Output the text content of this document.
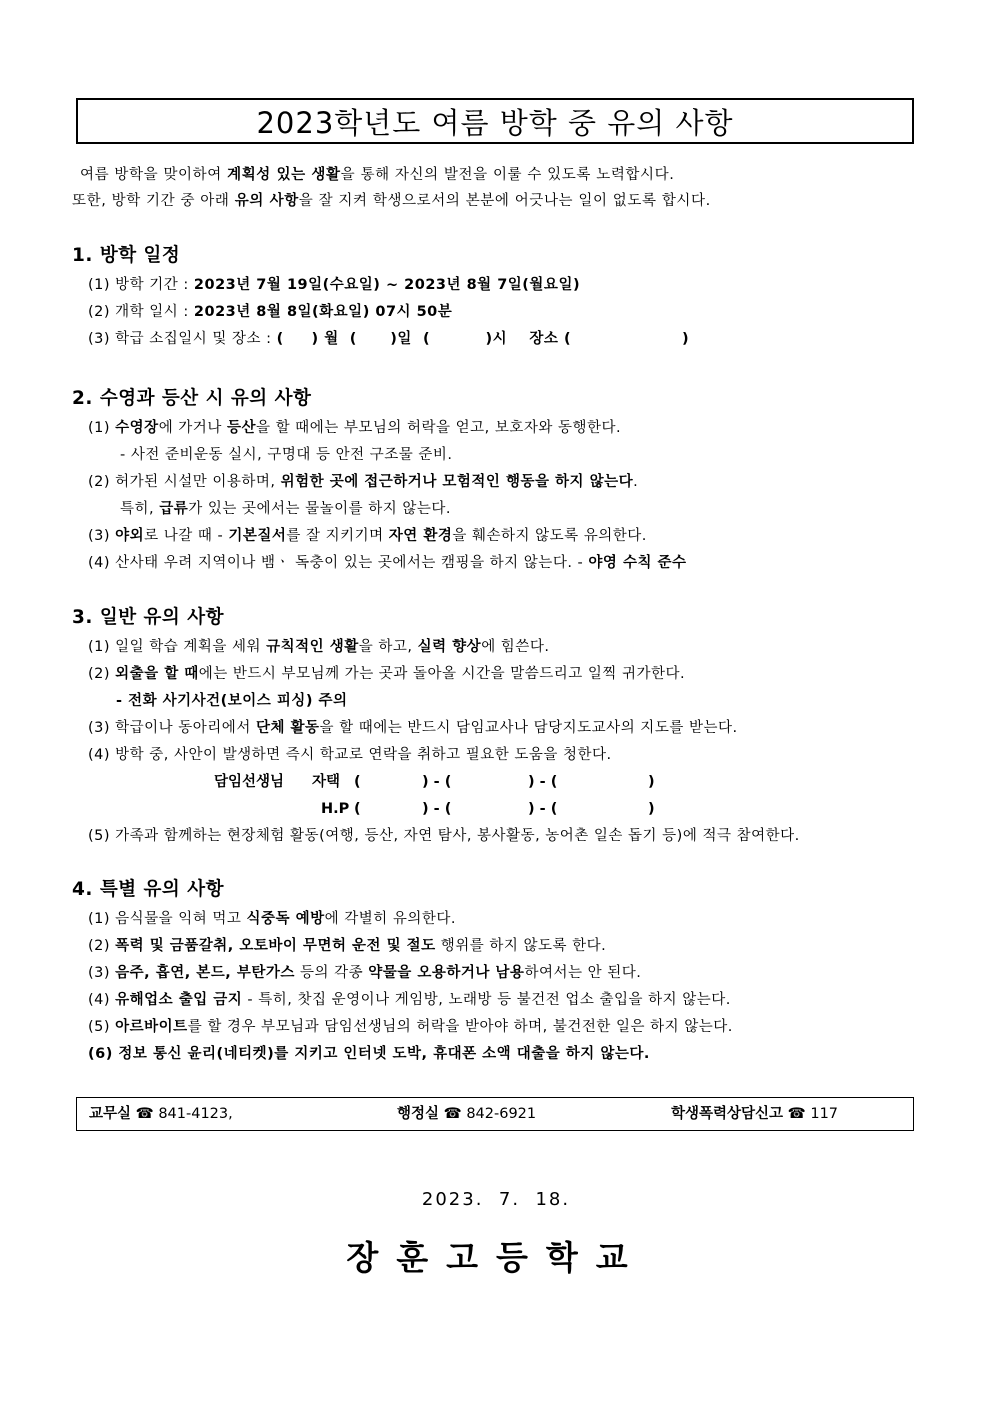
2023학년도 여름 방학 중 유의 사항
여름 방학을 맞이하여 계획성 있는 생활을 통해 자신의 발전을 이룰 수 있도록 노력합시다.
또한, 방학 기간 중 아래 유의 사항을 잘 지켜 학생으로서의 본분에 어긋나는 일이 없도록 합시다.
1. 방학 일정
(1) 방학 기간 : 2023년 7월 19일(수요일) ~ 2023년 8월 7일(월요일)
(2) 개학 일시 : 2023년 8월 8일(화요일) 07시 50분
(3) 학급 소집일시 및 장소 : (     ) 월  (      )일  (          )시    장소 (                    )
2. 수영과 등산 시 유의 사항
(1) 수영장에 가거나 등산을 할 때에는 부모님의 허락을 얻고, 보호자와 동행한다.
- 사전 준비운동 실시, 구명대 등 안전 구조물 준비.
(2) 허가된 시설만 이용하며, 위험한 곳에 접근하거나 모험적인 행동을 하지 않는다.
특히, 급류가 있는 곳에서는 물놀이를 하지 않는다.
(3) 야외로 나갈 때 - 기본질서를 잘 지키기며 자연 환경을 훼손하지 않도록 유의한다.
(4) 산사태 우려 지역이나 뱀ㆍ 독충이 있는 곳에서는 캠핑을 하지 않는다. - 야영 수칙 준수
3. 일반 유의 사항
(1) 일일 학습 계획을 세워 규칙적인 생활을 하고, 실력 향상에 힘쓴다.
(2) 외출을 할 때에는 반드시 부모님께 가는 곳과 돌아올 시간을 말씀드리고 일찍 귀가한다.
- 전화 사기사건(보이스 피싱) 주의
(3) 학급이나 동아리에서 단체 활동을 할 때에는 반드시 담임교사나 담당지도교사의 지도를 받는다.
(4) 방학 중, 사안이 발생하면 즉시 학교로 연락을 취하고 필요한 도움을 청한다.
담임선생님 자택 (	) - (	) - (	)
H.P (	) - (	) - (	)
(5) 가족과 함께하는 현장체험 활동(여행, 등산, 자연 탐사, 봉사활동, 농어촌 일손 돕기 등)에 적극 참여한다.
4. 특별 유의 사항
(1) 음식물을 익혀 먹고 식중독 예방에 각별히 유의한다.
(2) 폭력 및 금품갈취, 오토바이 무면허 운전 및 절도 행위를 하지 않도록 한다.
(3) 음주, 흡연, 본드, 부탄가스 등의 각종 약물을 오용하거나 남용하여서는 안 된다.
(4) 유해업소 출입 금지 - 특히, 찻집 운영이나 게임방, 노래방 등 불건전 업소 출입을 하지 않는다.
(5) 아르바이트를 할 경우 부모님과 담임선생님의 허락을 받아야 하며, 불건전한 일은 하지 않는다.
(6) 정보 통신 윤리(네티켓)를 지키고 인터넷 도박, 휴대폰 소액 대출을 하지 않는다.
교무실 ☎ 841-4123,	행정실 ☎ 842-6921	학생폭력상담신고 ☎ 117
2023.  7.  18.
장훈고등학교
